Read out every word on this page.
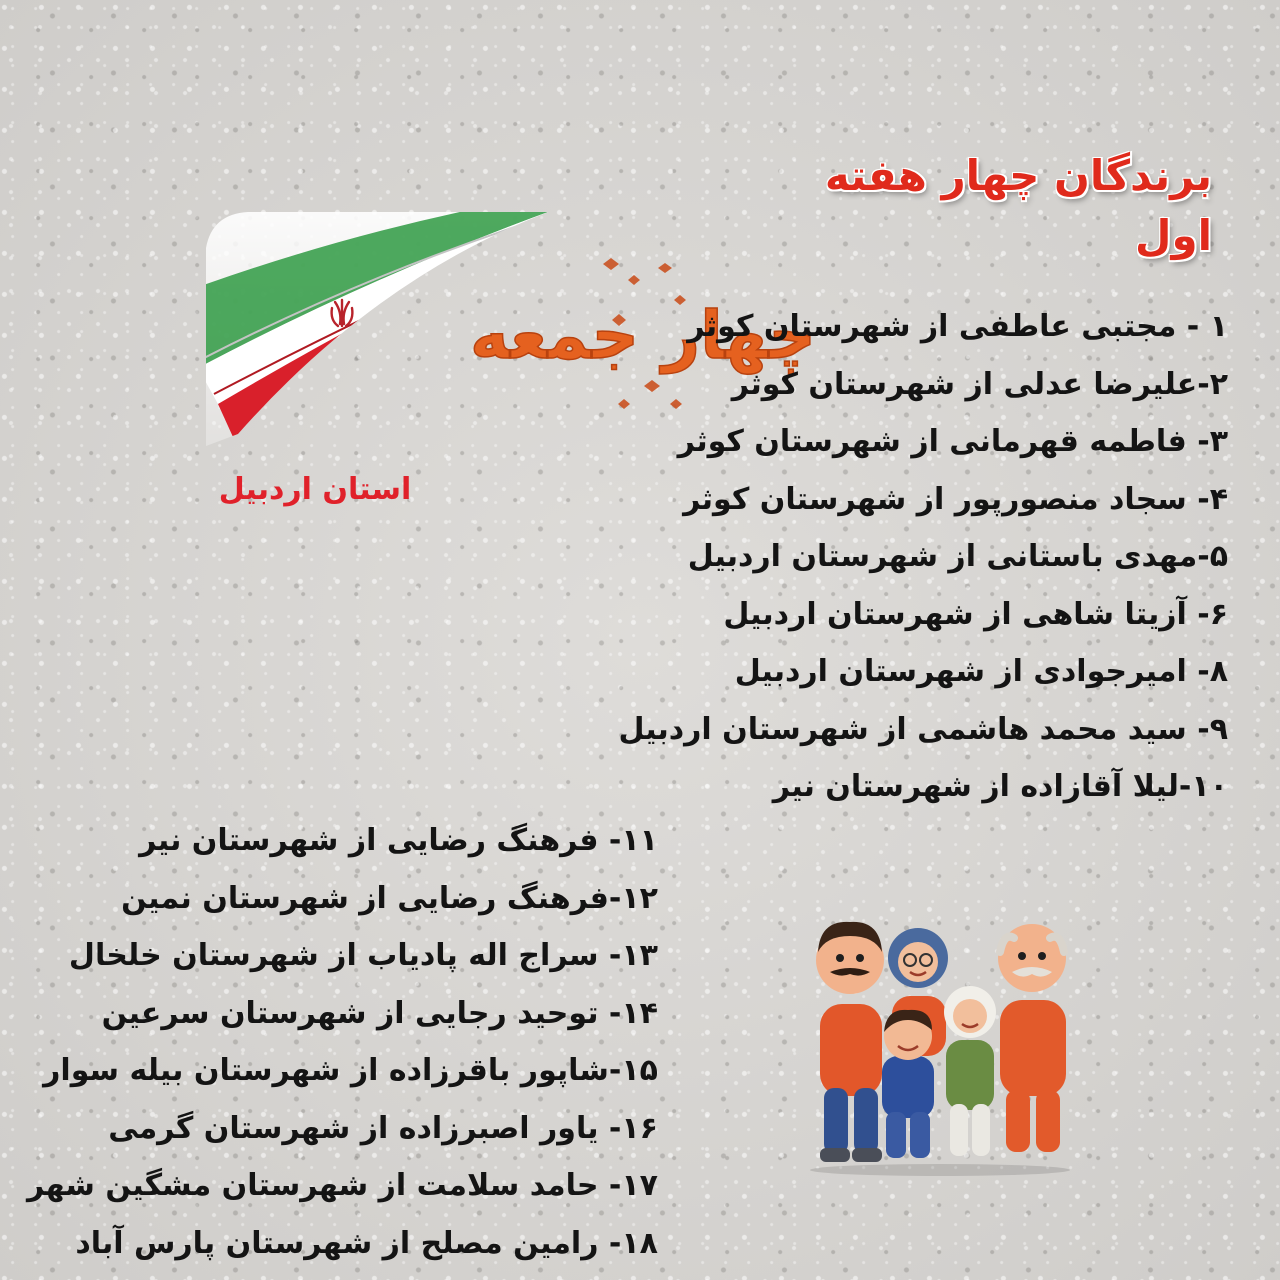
برندگان چهار هفته اول
چهار جمعه

استان اردبیل

۱ - مجتبی عاطفی از شهرستان کوثر
۲-علیرضا عدلی از شهرستان کوثر
۳- فاطمه قهرمانی از شهرستان کوثر
۴- سجاد منصورپور از شهرستان کوثر
۵-مهدی باستانی از شهرستان اردبیل
۶- آزیتا شاهی از شهرستان اردبیل
۸- امیرجوادی از شهرستان اردبیل
۹- سید محمد هاشمی از شهرستان اردبیل
۱۰-لیلا آقازاده از شهرستان نیر
۱۱- فرهنگ رضایی از شهرستان نیر
۱۲-فرهنگ رضایی از شهرستان نمین
۱۳- سراج اله پادیاب از شهرستان خلخال
۱۴- توحید رجایی از شهرستان سرعین
۱۵-شاپور باقرزاده از شهرستان بیله سوار
۱۶- یاور اصبرزاده از شهرستان گرمی
۱۷- حامد سلامت از شهرستان مشگین شهر
۱۸- رامین مصلح از شهرستان پارس آباد
